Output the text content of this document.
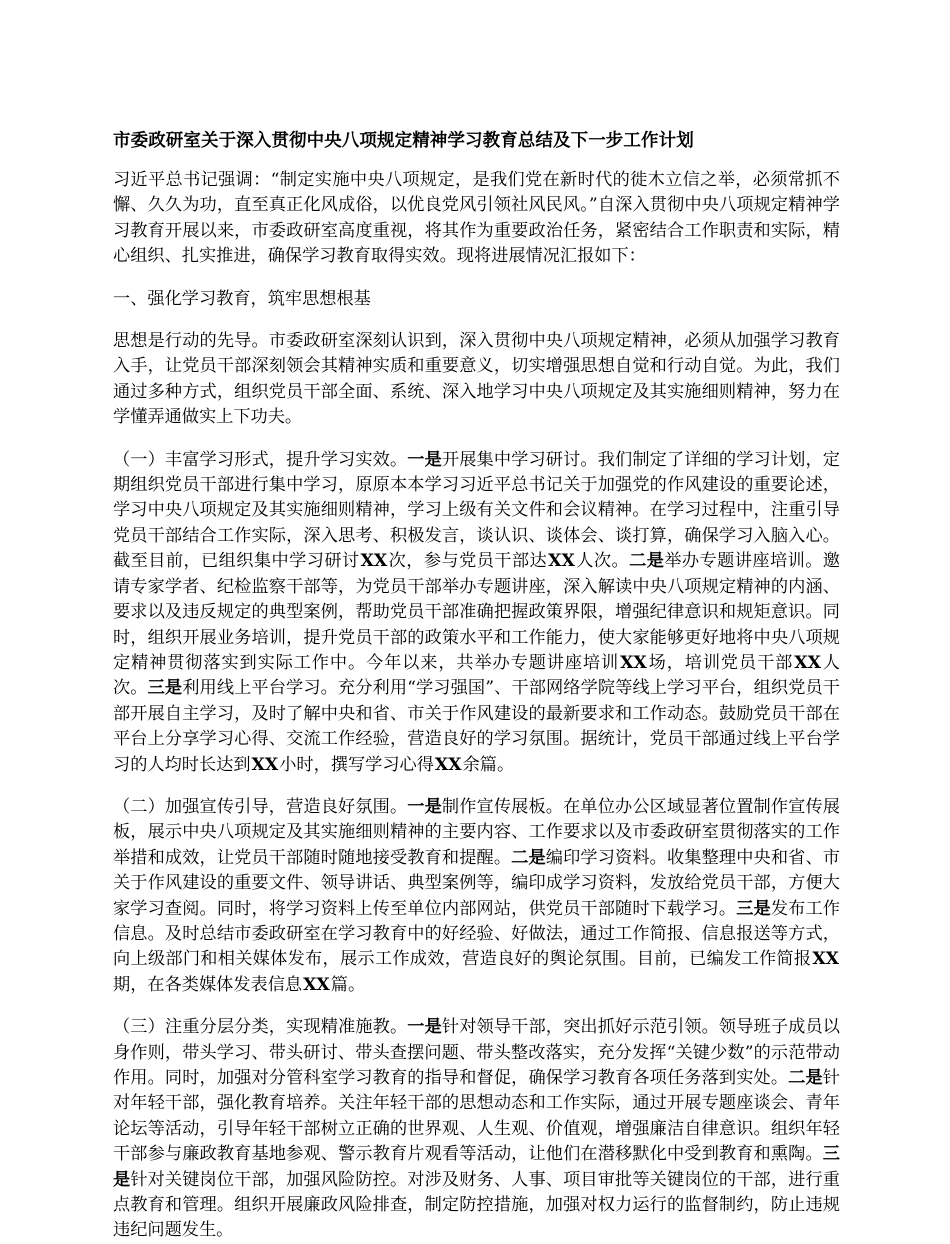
市委政研室关于深入贯彻中央八项规定精神学习教育总结及下一步工作计划

习近平总书记强调：“制定实施中央八项规定，是我们党在新时代的徙木立信之举，必须常抓不懈、久久为功，直至真正化风成俗，以优良党风引领社风民风。”自深入贯彻中央八项规定精神学习教育开展以来，市委政研室高度重视，将其作为重要政治任务，紧密结合工作职责和实际，精心组织、扎实推进，确保学习教育取得实效。现将进展情况汇报如下：

一、强化学习教育，筑牢思想根基

思想是行动的先导。市委政研室深刻认识到，深入贯彻中央八项规定精神，必须从加强学习教育入手，让党员干部深刻领会其精神实质和重要意义，切实增强思想自觉和行动自觉。为此，我们通过多种方式，组织党员干部全面、系统、深入地学习中央八项规定及其实施细则精神，努力在学懂弄通做实上下功夫。

（一）丰富学习形式，提升学习实效。一是开展集中学习研讨。我们制定了详细的学习计划，定期组织党员干部进行集中学习，原原本本学习习近平总书记关于加强党的作风建设的重要论述，学习中央八项规定及其实施细则精神，学习上级有关文件和会议精神。在学习过程中，注重引导党员干部结合工作实际，深入思考、积极发言，谈认识、谈体会、谈打算，确保学习入脑入心。截至目前，已组织集中学习研讨XX次，参与党员干部达XX人次。二是举办专题讲座培训。邀请专家学者、纪检监察干部等，为党员干部举办专题讲座，深入解读中央八项规定精神的内涵、要求以及违反规定的典型案例，帮助党员干部准确把握政策界限，增强纪律意识和规矩意识。同时，组织开展业务培训，提升党员干部的政策水平和工作能力，使大家能够更好地将中央八项规定精神贯彻落实到实际工作中。今年以来，共举办专题讲座培训XX场，培训党员干部XX人次。三是利用线上平台学习。充分利用“学习强国”、干部网络学院等线上学习平台，组织党员干部开展自主学习，及时了解中央和省、市关于作风建设的最新要求和工作动态。鼓励党员干部在平台上分享学习心得、交流工作经验，营造良好的学习氛围。据统计，党员干部通过线上平台学习的人均时长达到XX小时，撰写学习心得XX余篇。

（二）加强宣传引导，营造良好氛围。一是制作宣传展板。在单位办公区域显著位置制作宣传展板，展示中央八项规定及其实施细则精神的主要内容、工作要求以及市委政研室贯彻落实的工作举措和成效，让党员干部随时随地接受教育和提醒。二是编印学习资料。收集整理中央和省、市关于作风建设的重要文件、领导讲话、典型案例等，编印成学习资料，发放给党员干部，方便大家学习查阅。同时，将学习资料上传至单位内部网站，供党员干部随时下载学习。三是发布工作信息。及时总结市委政研室在学习教育中的好经验、好做法，通过工作简报、信息报送等方式，向上级部门和相关媒体发布，展示工作成效，营造良好的舆论氛围。目前，已编发工作简报XX期，在各类媒体发表信息XX篇。

（三）注重分层分类，实现精准施教。一是针对领导干部，突出抓好示范引领。领导班子成员以身作则，带头学习、带头研讨、带头查摆问题、带头整改落实，充分发挥“关键少数”的示范带动作用。同时，加强对分管科室学习教育的指导和督促，确保学习教育各项任务落到实处。二是针对年轻干部，强化教育培养。关注年轻干部的思想动态和工作实际，通过开展专题座谈会、青年论坛等活动，引导年轻干部树立正确的世界观、人生观、价值观，增强廉洁自律意识。组织年轻干部参与廉政教育基地参观、警示教育片观看等活动，让他们在潜移默化中受到教育和熏陶。三是针对关键岗位干部，加强风险防控。对涉及财务、人事、项目审批等关键岗位的干部，进行重点教育和管理。组织开展廉政风险排查，制定防控措施，加强对权力运行的监督制约，防止违规违纪问题发生。
